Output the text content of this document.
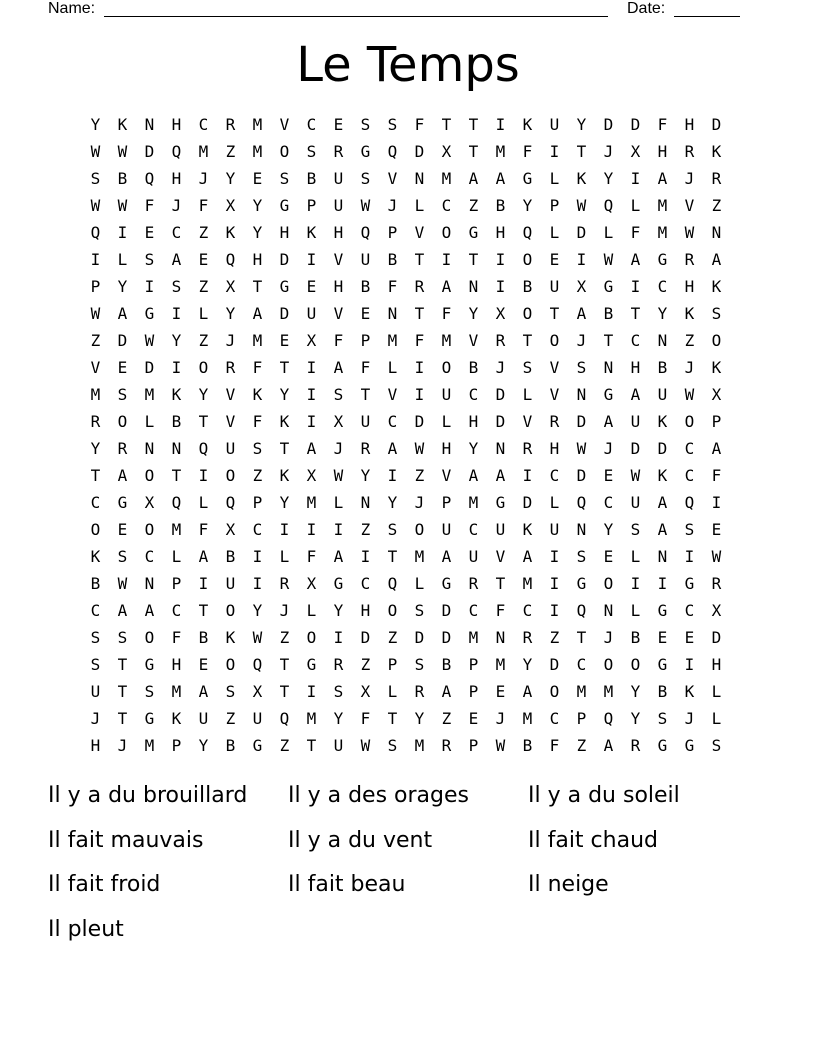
Name:	Date:
Le Temps
Y	K	N	H	C	R	M	V	C	E	S	S	F	T	T	I	K	U	Y	D	D	F	H	D
W	W	D	Q	M	Z	M	O	S	R	G	Q	D	X	T	M	F	I	T	J	X	H	R	K
S	B	Q	H	J	Y	E	S	B	U	S	V	N	M	A	A	G	L	K	Y	I	A	J	R
W	W	F	J	F	X	Y	G	P	U	W	J	L	C	Z	B	Y	P	W	Q	L	M	V	Z
Q	I	E	C	Z	K	Y	H	K	H	Q	P	V	O	G	H	Q	L	D	L	F	M	W	N
I	L	S	A	E	Q	H	D	I	V	U	B	T	I	T	I	O	E	I	W	A	G	R	A
P	Y	I	S	Z	X	T	G	E	H	B	F	R	A	N	I	B	U	X	G	I	C	H	K
W	A	G	I	L	Y	A	D	U	V	E	N	T	F	Y	X	O	T	A	B	T	Y	K	S
Z	D	W	Y	Z	J	M	E	X	F	P	M	F	M	V	R	T	O	J	T	C	N	Z	O
V	E	D	I	O	R	F	T	I	A	F	L	I	O	B	J	S	V	S	N	H	B	J	K
M	S	M	K	Y	V	K	Y	I	S	T	V	I	U	C	D	L	V	N	G	A	U	W	X
R	O	L	B	T	V	F	K	I	X	U	C	D	L	H	D	V	R	D	A	U	K	O	P
Y	R	N	N	Q	U	S	T	A	J	R	A	W	H	Y	N	R	H	W	J	D	D	C	A
T	A	O	T	I	O	Z	K	X	W	Y	I	Z	V	A	A	I	C	D	E	W	K	C	F
C	G	X	Q	L	Q	P	Y	M	L	N	Y	J	P	M	G	D	L	Q	C	U	A	Q	I
O	E	O	M	F	X	C	I	I	I	Z	S	O	U	C	U	K	U	N	Y	S	A	S	E
K	S	C	L	A	B	I	L	F	A	I	T	M	A	U	V	A	I	S	E	L	N	I	W
B	W	N	P	I	U	I	R	X	G	C	Q	L	G	R	T	M	I	G	O	I	I	G	R
C	A	A	C	T	O	Y	J	L	Y	H	O	S	D	C	F	C	I	Q	N	L	G	C	X
S	S	O	F	B	K	W	Z	O	I	D	Z	D	D	M	N	R	Z	T	J	B	E	E	D
S	T	G	H	E	O	Q	T	G	R	Z	P	S	B	P	M	Y	D	C	O	O	G	I	H
U	T	S	M	A	S	X	T	I	S	X	L	R	A	P	E	A	O	M	M	Y	B	K	L
J	T	G	K	U	Z	U	Q	M	Y	F	T	Y	Z	E	J	M	C	P	Q	Y	S	J	L
H	J	M	P	Y	B	G	Z	T	U	W	S	M	R	P	W	B	F	Z	A	R	G	G	S
Il y a du brouillard	Il y a des orages	Il y a du soleil
Il fait mauvais	Il y a du vent	Il fait chaud
Il fait froid	Il fait beau	Il neige
Il pleut
